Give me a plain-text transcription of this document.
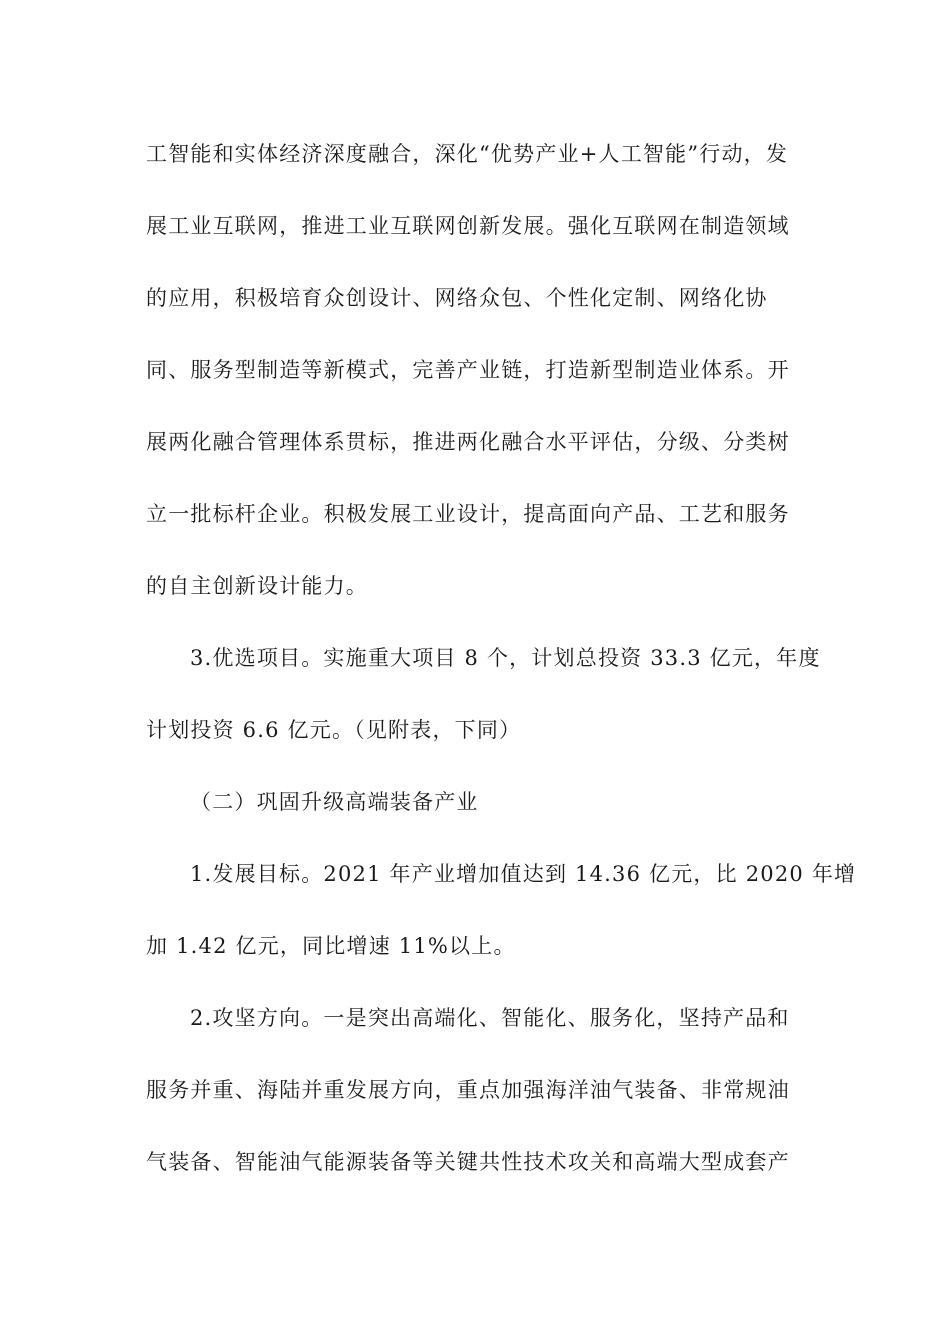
工智能和实体经济深度融合，深化“优势产业+人工智能”行动，发
展工业互联网，推进工业互联网创新发展。强化互联网在制造领域
的应用，积极培育众创设计、网络众包、个性化定制、网络化协
同、服务型制造等新模式，完善产业链，打造新型制造业体系。开
展两化融合管理体系贯标，推进两化融合水平评估，分级、分类树
立一批标杆企业。积极发展工业设计，提高面向产品、工艺和服务
的自主创新设计能力。
3.优选项目。实施重大项目 8 个，计划总投资 33.3 亿元，年度
计划投资 6.6 亿元。（见附表，下同）
（二）巩固升级高端装备产业
1.发展目标。2021 年产业增加值达到 14.36 亿元，比 2020 年增
加 1.42 亿元，同比增速 11%以上。
2.攻坚方向。一是突出高端化、智能化、服务化，坚持产品和
服务并重、海陆并重发展方向，重点加强海洋油气装备、非常规油
气装备、智能油气能源装备等关键共性技术攻关和高端大型成套产
